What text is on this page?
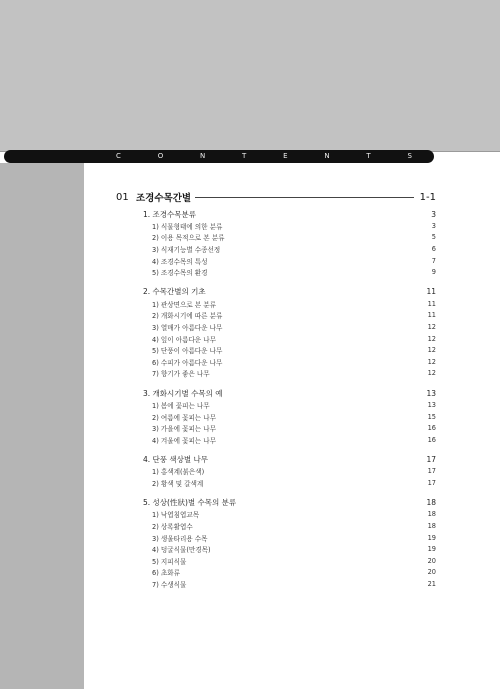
C	O	N	T	E	N	T	S
01 조경수목간별	1-1
1. 조경수목분류	3
1) 식물형태에 의한 분류	3
2) 이용 목적으로 본 분류	5
3) 식재기능별 수종선정	6
4) 조경수목의 특성	7
5) 조경수목의 환경	9
2. 수목간별의 기초	11
1) 관상면으로 본 분류	11
2) 개화시기에 따른 분류	11
3) 열매가 아름다운 나무	12
4) 잎이 아름다운 나무	12
5) 단풍이 아름다운 나무	12
6) 수피가 아름다운 나무	12
7) 향기가 좋은 나무	12
3. 개화시기별 수목의 예	13
1) 봄에 꽃피는 나무	13
2) 여름에 꽃피는 나무	15
3) 가을에 꽃피는 나무	16
4) 겨울에 꽃피는 나무	16
4. 단풍 색상별 나무	17
1) 홍색계(붉은색)	17
2) 황색 및 갈색계	17
5. 성상(性狀)별 수목의 분류	18
1) 낙엽침엽교목	18
2) 상록활엽수	18
3) 생울타리용 수목	19
4) 덩굴식물(만경목)	19
5) 지피식물	20
6) 초화류	20
7) 수생식물	21
